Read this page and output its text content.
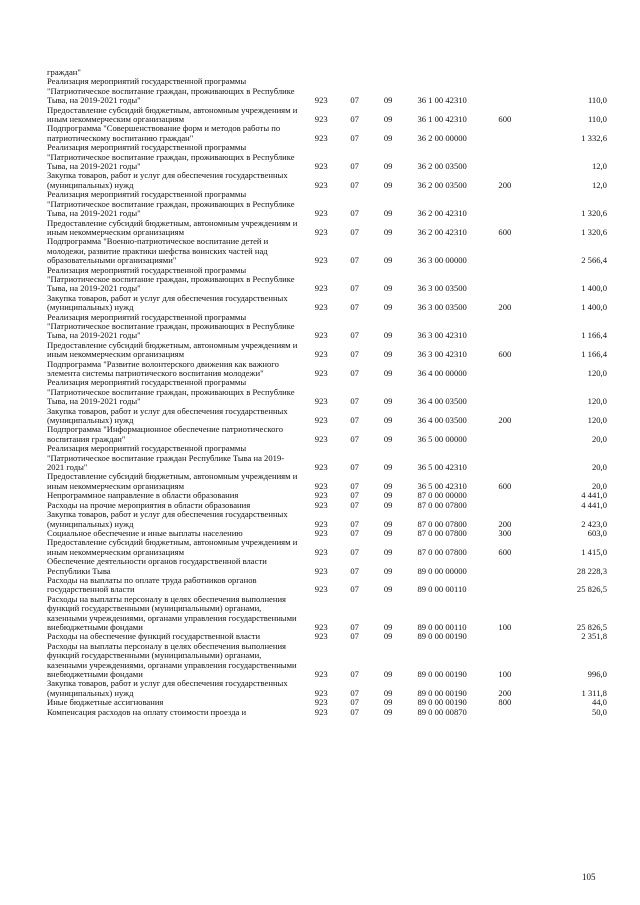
граждан"
Реализация мероприятий государственной программы "Патриотическое воспитание граждан, проживающих в Республике Тыва, на 2019-2021 годы"	923	07	09	36 1 00 42310	110,0
Предоставление субсидий бюджетным, автономным учреждениям и иным некоммерческим организациям	923	07	09	36 1 00 42310	600	110,0
Подпрограмма "Совершенствование форм и методов работы по патриотическому воспитанию граждан"	923	07	09	36 2 00 00000	1 332,6
Реализация мероприятий государственной программы "Патриотическое воспитание граждан, проживающих в Республике Тыва, на 2019-2021 годы"	923	07	09	36 2 00 03500	12,0
Закупка товаров, работ и услуг для обеспечения государственных (муниципальных) нужд	923	07	09	36 2 00 03500	200	12,0
Реализация мероприятий государственной программы "Патриотическое воспитание граждан, проживающих в Республике Тыва, на 2019-2021 годы"	923	07	09	36 2 00 42310	1 320,6
Предоставление субсидий бюджетным, автономным учреждениям и иным некоммерческим организациям	923	07	09	36 2 00 42310	600	1 320,6
Подпрограмма "Военно-патриотическое воспитание детей и молодежи, развитие практики шефства воинских частей над образовательными организациями"	923	07	09	36 3 00 00000	2 566,4
Реализация мероприятий государственной программы "Патриотическое воспитание граждан, проживающих в Республике Тыва, на 2019-2021 годы"	923	07	09	36 3 00 03500	1 400,0
Закупка товаров, работ и услуг для обеспечения государственных (муниципальных) нужд	923	07	09	36 3 00 03500	200	1 400,0
Реализация мероприятий государственной программы "Патриотическое воспитание граждан, проживающих в Республике Тыва, на 2019-2021 годы"	923	07	09	36 3 00 42310	1 166,4
Предоставление субсидий бюджетным, автономным учреждениям и иным некоммерческим организациям	923	07	09	36 3 00 42310	600	1 166,4
Подпрограмма "Развитие волонтерского движения как важного элемента системы патриотического воспитания молодежи"	923	07	09	36 4 00 00000	120,0
Реализация мероприятий государственной программы "Патриотическое воспитание граждан, проживающих в Республике Тыва, на 2019-2021 годы"	923	07	09	36 4 00 03500	120,0
Закупка товаров, работ и услуг для обеспечения государственных (муниципальных) нужд	923	07	09	36 4 00 03500	200	120,0
Подпрограмма "Информационное обеспечение патриотического воспитания граждан"	923	07	09	36 5 00 00000	20,0
Реализация мероприятий государственной программы "Патриотическое воспитание граждан Республике Тыва на 2019-2021 годы"	923	07	09	36 5 00 42310	20,0
Предоставление субсидий бюджетным, автономным учреждениям и иным некоммерческим организациям	923	07	09	36 5 00 42310	600	20,0
Непрограммное направление в области образования	923	07	09	87 0 00 00000	4 441,0
Расходы на прочие мероприятия в области образования	923	07	09	87 0 00 07800	4 441,0
Закупка товаров, работ и услуг для обеспечения государственных (муниципальных) нужд	923	07	09	87 0 00 07800	200	2 423,0
Социальное обеспечение и иные выплаты населению	923	07	09	87 0 00 07800	300	603,0
Предоставление субсидий бюджетным, автономным учреждениям и иным некоммерческим организациям	923	07	09	87 0 00 07800	600	1 415,0
Обеспечение деятельности органов государственной власти Республики Тыва	923	07	09	89 0 00 00000	28 228,3
Расходы на выплаты по оплате труда работников органов государственной власти	923	07	09	89 0 00 00110	25 826,5
Расходы на выплаты персоналу в целях обеспечения выполнения функций государственными (муниципальными) органами, казенными учреждениями, органами управления государственными внебюджетными фондами	923	07	09	89 0 00 00110	100	25 826,5
Расходы на обеспечение функций государственной власти	923	07	09	89 0 00 00190	2 351,8
Расходы на выплаты персоналу в целях обеспечения выполнения функций государственными (муниципальными) органами, казенными учреждениями, органами управления государственными внебюджетными фондами	923	07	09	89 0 00 00190	100	996,0
Закупка товаров, работ и услуг для обеспечения государственных (муниципальных) нужд	923	07	09	89 0 00 00190	200	1 311,8
Иные бюджетные ассигнования	923	07	09	89 0 00 00190	800	44,0
Компенсация расходов на оплату стоимости проезда и	923	07	09	89 0 00 00870	50,0
105
